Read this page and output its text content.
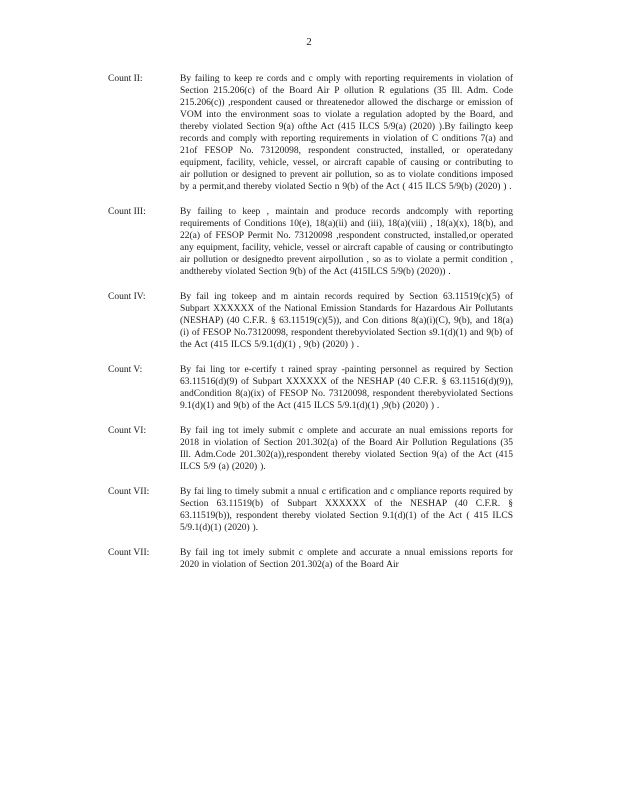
2
Count II:	By failing to keep re cords and c omply with reporting requirements in violation of Section 215.206(c) of the Board Air P ollution R egulations (35 Ill. Adm. Code 215.206(c)) ,respondent caused or threatenedor allowed the discharge or emission of VOM into the environment soas to violate a regulation adopted by the Board, and thereby violated Section 9(a) ofthe Act (415 ILCS 5/9(a) (2020) ).By failingto keep records and comply with reporting requirements in violation of C onditions 7(a) and 21of FESOP No. 73120098, respondent constructed, installed, or operatedany equipment, facility, vehicle, vessel, or aircraft capable of causing or contributing to air pollution or designed to prevent air pollution, so as to violate conditions imposed by a permit,and thereby violated Sectio n 9(b) of the Act ( 415 ILCS 5/9(b) (2020) ) .
Count III:	By failing to keep , maintain and produce records andcomply with reporting requirements of Conditions 10(e), 18(a)(ii) and (iii), 18(a)(viii) , 18(a)(x), 18(b), and 22(a) of FESOP Permit No. 73120098 ,respondent constructed, installed,or operated any equipment, facility, vehicle, vessel or aircraft capable of causing or contributingto air pollution or designedto prevent airpollution , so as to violate a permit condition , andthereby violated Section 9(b) of the Act (415ILCS 5/9(b) (2020)) .
Count IV:	By fail ing tokeep and m aintain records required by Section 63.11519(c)(5) of Subpart XXXXXX of the National Emission Standards for Hazardous Air Pollutants (NESHAP) (40 C.F.R. § 63.11519(c)(5)), and Con ditions 8(a)(i)(C), 9(b), and 18(a)(i) of FESOP No.73120098, respondent therebyviolated Section s9.1(d)(1) and 9(b) of the Act (415 ILCS 5/9.1(d)(1) , 9(b) (2020) ) .
Count V:	By fai ling tor e-certify t rained spray -painting personnel as required by Section 63.11516(d)(9) of Subpart XXXXXX of the NESHAP (40 C.F.R. § 63.11516(d)(9)), andCondition 8(a)(ix) of FESOP No. 73120098, respondent therebyviolated Sections 9.1(d)(1) and 9(b) of the Act (415 ILCS 5/9.1(d)(1) ,9(b) (2020) ) .
Count VI:	By fail ing tot imely submit c omplete and accurate an nual emissions reports for 2018 in violation of Section 201.302(a) of the Board Air Pollution Regulations (35 Ill. Adm.Code 201.302(a)),respondent thereby violated Section 9(a) of the Act (415 ILCS 5/9 (a) (2020) ).
Count VII:	By fai ling to timely submit a nnual c ertification and c ompliance reports required by Section 63.11519(b) of Subpart XXXXXX of the NESHAP (40 C.F.R. § 63.11519(b)), respondent thereby violated Section 9.1(d)(1) of the Act ( 415 ILCS 5/9.1(d)(1) (2020) ).
Count VII:	By fail ing tot imely submit c omplete and accurate a nnual emissions reports for 2020 in violation of Section 201.302(a) of the Board Air
